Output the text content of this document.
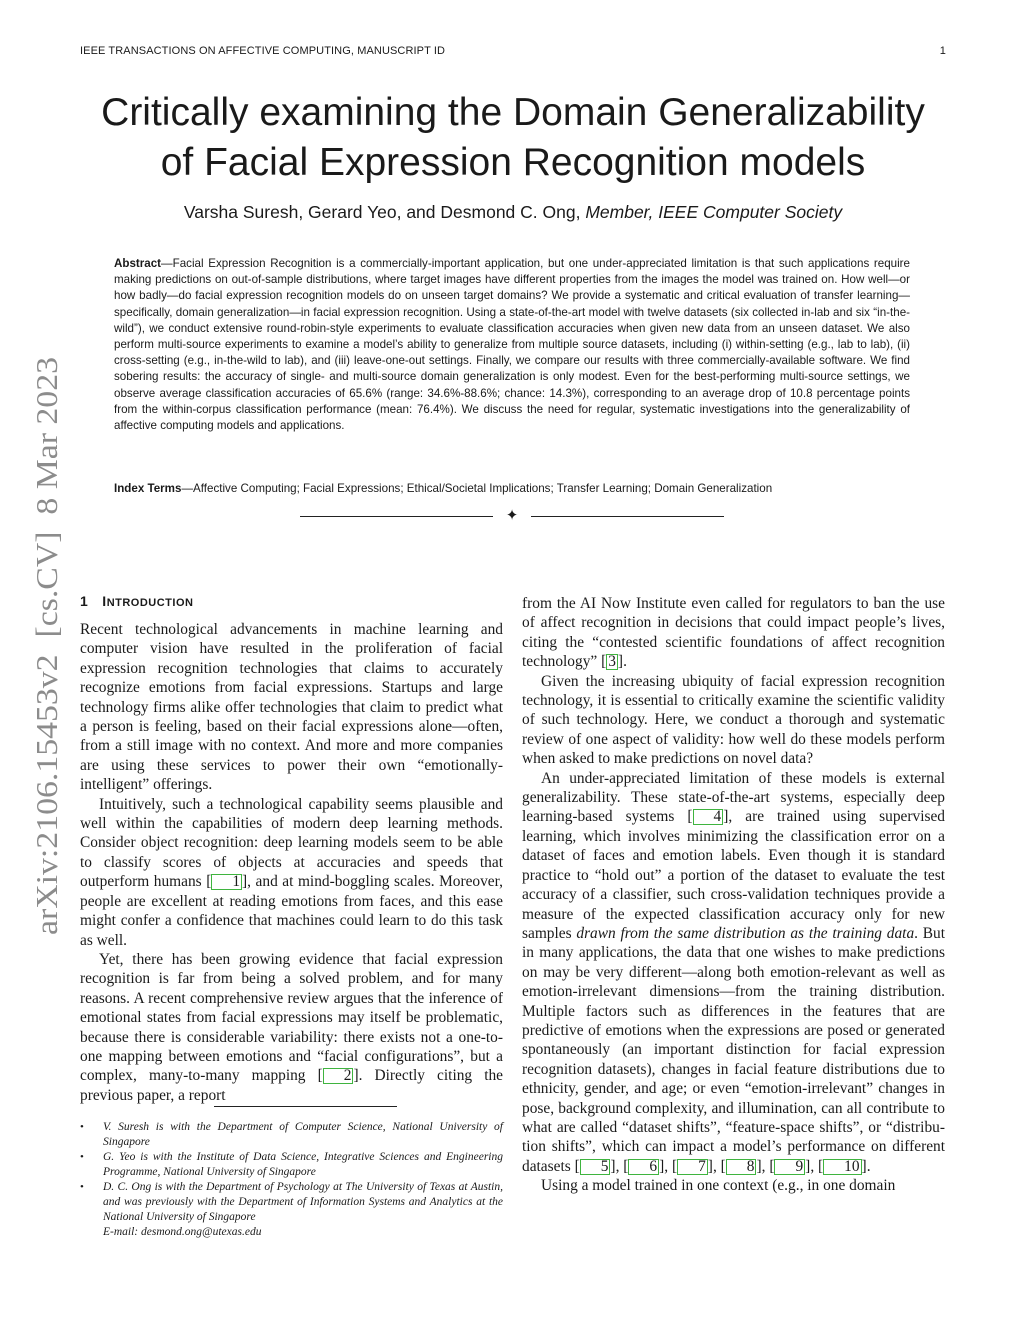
IEEE TRANSACTIONS ON AFFECTIVE COMPUTING, MANUSCRIPT ID	1
arXiv:2106.15453v2  [cs.CV]  8 Mar 2023
Critically examining the Domain Generalizability
of Facial Expression Recognition models
Varsha Suresh, Gerard Yeo, and Desmond C. Ong, Member, IEEE Computer Society
Abstract—Facial Expression Recognition is a commercially-important application, but one under-appreciated limitation is that such applications require making predictions on out-of-sample distributions, where target images have different properties from the images the model was trained on. How well—or how badly—do facial expression recognition models do on unseen target domains? We provide a systematic and critical evaluation of transfer learning—specifically, domain generalization—in facial expression recognition. Using a state-of-the-art model with twelve datasets (six collected in-lab and six “in-the-wild”), we conduct extensive round-robin-style experiments to evaluate classification accuracies when given new data from an unseen dataset. We also perform multi-source experiments to examine a model’s ability to generalize from multiple source datasets, including (i) within-setting (e.g., lab to lab), (ii) cross-setting (e.g., in-the-wild to lab), and (iii) leave-one-out settings. Finally, we compare our results with three commercially-available software. We find sobering results: the accuracy of single- and multi-source domain generalization is only modest. Even for the best-performing multi-source settings, we observe average classification accuracies of 65.6% (range: 34.6%-88.6%; chance: 14.3%), corresponding to an average drop of 10.8 percentage points from the within-corpus classification performance (mean: 76.4%). We discuss the need for regular, systematic investigations into the generalizability of affective computing models and applications.
Index Terms—Affective Computing; Facial Expressions; Ethical/Societal Implications; Transfer Learning; Domain Generalization
✦
1 INTRODUCTION

Recent technological advancements in machine learning and computer vision have resulted in the proliferation of facial expression recognition technologies that claims to accurately recognize emotions from facial expressions. Startups and large technology firms alike offer technologies that claim to predict what a person is feeling, based on their facial expressions alone—often, from a still image with no context. And more and more companies are using these services to power their own “emotionally-intelligent” offerings.

Intuitively, such a technological capability seems plausible and well within the capabilities of modern deep learning methods. Consider object recognition: deep learning models seem to be able to classify scores of objects at accuracies and speeds that outperform humans [ 1 ], and at mind-boggling scales. Moreover, people are excellent at reading emotions from faces, and this ease might confer a confidence that machines could learn to do this task as well.

Yet, there has been growing evidence that facial expression recognition is far from being a solved problem, and for many reasons. A recent comprehensive review argues that the inference of emotional states from facial expressions may itself be problematic, because there is considerable variability: there exists not a one-to-one mapping between emotions and “facial configurations”, but a complex, many-to-many mapping [ 2 ]. Directly citing the previous paper, a report

• V. Suresh is with the Department of Computer Science, National University of Singapore
• G. Yeo is with the Institute of Data Science, Integrative Sciences and Engineering Programme, National University of Singapore
• D. C. Ong is with the Department of Psychology at The University of Texas at Austin, and was previously with the Department of Information Systems and Analytics at the National University of Singapore
E-mail: desmond.ong@utexas.edu

from the AI Now Institute even called for regulators to ban the use of affect recognition in decisions that could impact people’s lives, citing the “contested scientific foundations of affect recognition technology” [ 3 ].

Given the increasing ubiquity of facial expression recognition technology, it is essential to critically examine the scientific validity of such technology. Here, we conduct a thorough and systematic review of one aspect of validity: how well do these models perform when asked to make predictions on novel data?

An under-appreciated limitation of these models is external generalizability. These state-of-the-art systems, especially deep learning-based systems [ 4 ], are trained using supervised learning, which involves minimizing the classification error on a dataset of faces and emotion labels. Even though it is standard practice to “hold out” a portion of the dataset to evaluate the test accuracy of a classifier, such cross-validation techniques provide a measure of the expected classification accuracy only for new samples drawn from the same distribution as the training data. But in many applications, the data that one wishes to make predictions on may be very different—along both emotion-relevant as well as emotion-irrelevant dimensions—from the training distribution. Multiple factors such as differences in the features that are predictive of emotions when the expressions are posed or generated spontaneously (an important distinction for facial expression recognition datasets), changes in facial feature distributions due to ethnicity, gender, and age; or even “emotion-irrelevant” changes in pose, background complexity, and illumination, can all contribute to what are called “dataset shifts”, “feature-space shifts”, or “distribution shifts”, which can impact a model’s performance on different datasets [ 5 ], [ 6 ], [ 7 ], [ 8 ], [ 9 ], [ 10 ].

Using a model trained in one context (e.g., in one domain
